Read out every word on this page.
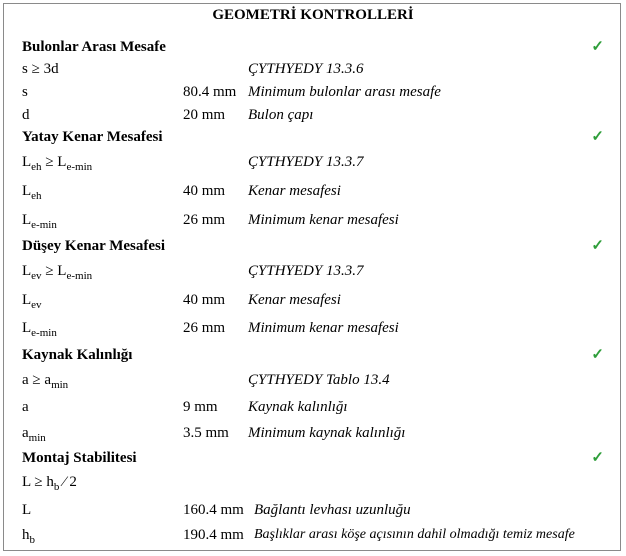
GEOMETRİ KONTROLLERİ
Bulonlar Arası Mesafe	✓
s ≥ 3d	ÇYTHYEDY 13.3.6
s	80.4 mm Minimum bulonlar arası mesafe
d	20 mm Bulon çapı
Yatay Kenar Mesafesi	✓
$L_{eh} \ge L_{e-min}$	ÇYTHYEDY 13.3.7
$L_{eh}$	40 mm Kenar mesafesi
$L_{e-min}$	26 mm Minimum kenar mesafesi
Düşey Kenar Mesafesi	✓
$L_{ev} \ge L_{e-min}$	ÇYTHYEDY 13.3.7
$L_{ev}$	40 mm Kenar mesafesi
$L_{e-min}$	26 mm Minimum kenar mesafesi
Kaynak Kalınlığı	✓
$a \ge a_{min}$	ÇYTHYEDY Tablo 13.4
a	9 mm Kaynak kalınlığı
$a_{min}$	3.5 mm Minimum kaynak kalınlığı
Montaj Stabilitesi	✓
$L \ge h_b$ ⁄ 2
L	160.4 mm Bağlantı levhası uzunluğu
$h_b$	190.4 mm Başlıklar arası köşe açısının dahil olmadığı temiz mesafe
